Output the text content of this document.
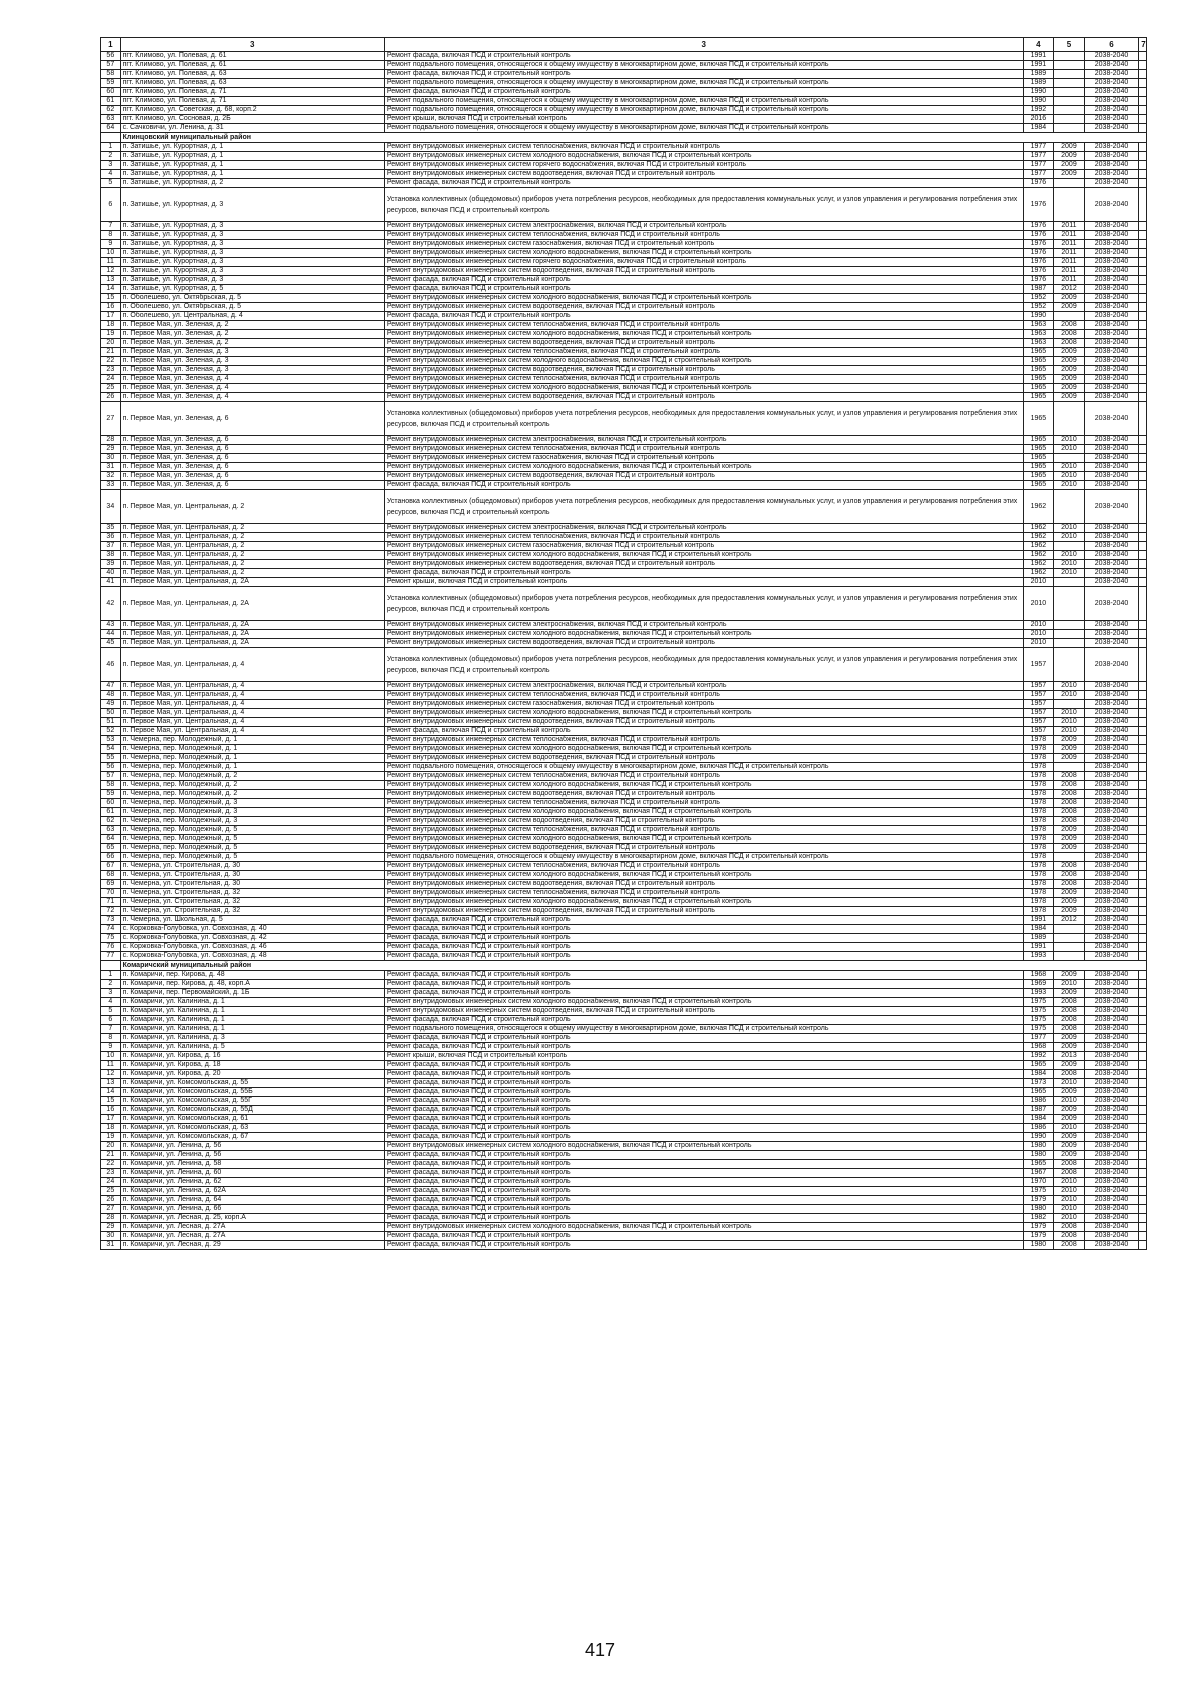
1	3	3	4	5	6	7
56	пгт. Климово, ул. Полевая, д. 61	Ремонт фасада, включая ПСД и строительный контроль	1991		2038-2040	
57	пгт. Климово, ул. Полевая, д. 61	Ремонт подвального помещения, относящегося к общему имуществу в многоквартирном доме, включая ПСД и строительный контроль	1991		2038-2040	
58	пгт. Климово, ул. Полевая, д. 63	Ремонт фасада, включая ПСД и строительный контроль	1989		2038-2040	
59	пгт. Климово, ул. Полевая, д. 63	Ремонт подвального помещения, относящегося к общему имуществу в многоквартирном доме, включая ПСД и строительный контроль	1989		2038-2040	
60	пгт. Климово, ул. Полевая, д. 71	Ремонт фасада, включая ПСД и строительный контроль	1990		2038-2040	
61	пгт. Климово, ул. Полевая, д. 71	Ремонт подвального помещения, относящегося к общему имуществу в многоквартирном доме, включая ПСД и строительный контроль	1990		2038-2040	
62	пгт. Климово, ул. Советская, д. 68, корп.2	Ремонт подвального помещения, относящегося к общему имуществу в многоквартирном доме, включая ПСД и строительный контроль	1992		2038-2040	
63	пгт. Климово, ул. Сосновая, д. 2Б	Ремонт крыши, включая ПСД и строительный контроль	2016		2038-2040	
64	с. Сачковичи, ул. Ленина, д. 31	Ремонт подвального помещения, относящегося к общему имуществу в многоквартирном доме, включая ПСД и строительный контроль	1984		2038-2040	
	Клинцовский муниципальный район					
1	п. Затишье, ул. Курортная, д. 1	Ремонт внутридомовых инженерных систем теплоснабжения, включая ПСД и строительный контроль	1977	2009	2038-2040	
2	п. Затишье, ул. Курортная, д. 1	Ремонт внутридомовых инженерных систем холодного водоснабжения, включая ПСД и строительный контроль	1977	2009	2038-2040	
3	п. Затишье, ул. Курортная, д. 1	Ремонт внутридомовых инженерных систем горячего водоснабжения, включая ПСД и строительный контроль	1977	2009	2038-2040	
4	п. Затишье, ул. Курортная, д. 1	Ремонт внутридомовых инженерных систем водоотведения, включая ПСД и строительный контроль	1977	2009	2038-2040	
5	п. Затишье, ул. Курортная, д. 2	Ремонт фасада, включая ПСД и строительный контроль	1976		2038-2040	
6	п. Затишье, ул. Курортная, д. 3	Установка коллективных (общедомовых) приборов учета потребления ресурсов, необходимых для предоставления коммунальных услуг, и узлов управления и регулирования потребления этих ресурсов, включая ПСД и строительный контроль	1976		2038-2040	
7	п. Затишье, ул. Курортная, д. 3	Ремонт внутридомовых инженерных систем электроснабжения, включая ПСД и строительный контроль	1976	2011	2038-2040	
8	п. Затишье, ул. Курортная, д. 3	Ремонт внутридомовых инженерных систем теплоснабжения, включая ПСД и строительный контроль	1976	2011	2038-2040	
9	п. Затишье, ул. Курортная, д. 3	Ремонт внутридомовых инженерных систем газоснабжения, включая ПСД и строительный контроль	1976	2011	2038-2040	
10	п. Затишье, ул. Курортная, д. 3	Ремонт внутридомовых инженерных систем холодного водоснабжения, включая ПСД и строительный контроль	1976	2011	2038-2040	
11	п. Затишье, ул. Курортная, д. 3	Ремонт внутридомовых инженерных систем горячего водоснабжения, включая ПСД и строительный контроль	1976	2011	2038-2040	
12	п. Затишье, ул. Курортная, д. 3	Ремонт внутридомовых инженерных систем водоотведения, включая ПСД и строительный контроль	1976	2011	2038-2040	
13	п. Затишье, ул. Курортная, д. 3	Ремонт фасада, включая ПСД и строительный контроль	1976	2011	2038-2040	
14	п. Затишье, ул. Курортная, д. 5	Ремонт фасада, включая ПСД и строительный контроль	1987	2012	2038-2040	
15	п. Оболешево, ул. Октябрьская, д. 5	Ремонт внутридомовых инженерных систем холодного водоснабжения, включая ПСД и строительный контроль	1952	2009	2038-2040	
16	п. Оболешево, ул. Октябрьская, д. 5	Ремонт внутридомовых инженерных систем водоотведения, включая ПСД и строительный контроль	1952	2009	2038-2040	
17	п. Оболешево, ул. Центральная, д. 4	Ремонт фасада, включая ПСД и строительный контроль	1990		2038-2040	
18	п. Первое Мая, ул. Зеленая, д. 2	Ремонт внутридомовых инженерных систем теплоснабжения, включая ПСД и строительный контроль	1963	2008	2038-2040	
19	п. Первое Мая, ул. Зеленая, д. 2	Ремонт внутридомовых инженерных систем холодного водоснабжения, включая ПСД и строительный контроль	1963	2008	2038-2040	
20	п. Первое Мая, ул. Зеленая, д. 2	Ремонт внутридомовых инженерных систем водоотведения, включая ПСД и строительный контроль	1963	2008	2038-2040	
21	п. Первое Мая, ул. Зеленая, д. 3	Ремонт внутридомовых инженерных систем теплоснабжения, включая ПСД и строительный контроль	1965	2009	2038-2040	
22	п. Первое Мая, ул. Зеленая, д. 3	Ремонт внутридомовых инженерных систем холодного водоснабжения, включая ПСД и строительный контроль	1965	2009	2038-2040	
23	п. Первое Мая, ул. Зеленая, д. 3	Ремонт внутридомовых инженерных систем водоотведения, включая ПСД и строительный контроль	1965	2009	2038-2040	
24	п. Первое Мая, ул. Зеленая, д. 4	Ремонт внутридомовых инженерных систем теплоснабжения, включая ПСД и строительный контроль	1965	2009	2038-2040	
25	п. Первое Мая, ул. Зеленая, д. 4	Ремонт внутридомовых инженерных систем холодного водоснабжения, включая ПСД и строительный контроль	1965	2009	2038-2040	
26	п. Первое Мая, ул. Зеленая, д. 4	Ремонт внутридомовых инженерных систем водоотведения, включая ПСД и строительный контроль	1965	2009	2038-2040	
27	п. Первое Мая, ул. Зеленая, д. 6	Установка коллективных (общедомовых) приборов учета потребления ресурсов, необходимых для предоставления коммунальных услуг, и узлов управления и регулирования потребления этих ресурсов, включая ПСД и строительный контроль	1965		2038-2040	
28	п. Первое Мая, ул. Зеленая, д. 6	Ремонт внутридомовых инженерных систем электроснабжения, включая ПСД и строительный контроль	1965	2010	2038-2040	
29	п. Первое Мая, ул. Зеленая, д. 6	Ремонт внутридомовых инженерных систем теплоснабжения, включая ПСД и строительный контроль	1965	2010	2038-2040	
30	п. Первое Мая, ул. Зеленая, д. 6	Ремонт внутридомовых инженерных систем газоснабжения, включая ПСД и строительный контроль	1965		2038-2040	
31	п. Первое Мая, ул. Зеленая, д. 6	Ремонт внутридомовых инженерных систем холодного водоснабжения, включая ПСД и строительный контроль	1965	2010	2038-2040	
32	п. Первое Мая, ул. Зеленая, д. 6	Ремонт внутридомовых инженерных систем водоотведения, включая ПСД и строительный контроль	1965	2010	2038-2040	
33	п. Первое Мая, ул. Зеленая, д. 6	Ремонт фасада, включая ПСД и строительный контроль	1965	2010	2038-2040	
34	п. Первое Мая, ул. Центральная, д. 2	Установка коллективных (общедомовых) приборов учета потребления ресурсов, необходимых для предоставления коммунальных услуг, и узлов управления и регулирования потребления этих ресурсов, включая ПСД и строительный контроль	1962		2038-2040	
35	п. Первое Мая, ул. Центральная, д. 2	Ремонт внутридомовых инженерных систем электроснабжения, включая ПСД и строительный контроль	1962	2010	2038-2040	
36	п. Первое Мая, ул. Центральная, д. 2	Ремонт внутридомовых инженерных систем теплоснабжения, включая ПСД и строительный контроль	1962	2010	2038-2040	
37	п. Первое Мая, ул. Центральная, д. 2	Ремонт внутридомовых инженерных систем газоснабжения, включая ПСД и строительный контроль	1962		2038-2040	
38	п. Первое Мая, ул. Центральная, д. 2	Ремонт внутридомовых инженерных систем холодного водоснабжения, включая ПСД и строительный контроль	1962	2010	2038-2040	
39	п. Первое Мая, ул. Центральная, д. 2	Ремонт внутридомовых инженерных систем водоотведения, включая ПСД и строительный контроль	1962	2010	2038-2040	
40	п. Первое Мая, ул. Центральная, д. 2	Ремонт фасада, включая ПСД и строительный контроль	1962	2010	2038-2040	
41	п. Первое Мая, ул. Центральная, д. 2А	Ремонт крыши, включая ПСД и строительный контроль	2010		2038-2040	
42	п. Первое Мая, ул. Центральная, д. 2А	Установка коллективных (общедомовых) приборов учета потребления ресурсов, необходимых для предоставления коммунальных услуг, и узлов управления и регулирования потребления этих ресурсов, включая ПСД и строительный контроль	2010		2038-2040	
43	п. Первое Мая, ул. Центральная, д. 2А	Ремонт внутридомовых инженерных систем электроснабжения, включая ПСД и строительный контроль	2010		2038-2040	
44	п. Первое Мая, ул. Центральная, д. 2А	Ремонт внутридомовых инженерных систем холодного водоснабжения, включая ПСД и строительный контроль	2010		2038-2040	
45	п. Первое Мая, ул. Центральная, д. 2А	Ремонт внутридомовых инженерных систем водоотведения, включая ПСД и строительный контроль	2010		2038-2040	
46	п. Первое Мая, ул. Центральная, д. 4	Установка коллективных (общедомовых) приборов учета потребления ресурсов, необходимых для предоставления коммунальных услуг, и узлов управления и регулирования потребления этих ресурсов, включая ПСД и строительный контроль	1957		2038-2040	
47	п. Первое Мая, ул. Центральная, д. 4	Ремонт внутридомовых инженерных систем электроснабжения, включая ПСД и строительный контроль	1957	2010	2038-2040	
48	п. Первое Мая, ул. Центральная, д. 4	Ремонт внутридомовых инженерных систем теплоснабжения, включая ПСД и строительный контроль	1957	2010	2038-2040	
49	п. Первое Мая, ул. Центральная, д. 4	Ремонт внутридомовых инженерных систем газоснабжения, включая ПСД и строительный контроль	1957		2038-2040	
50	п. Первое Мая, ул. Центральная, д. 4	Ремонт внутридомовых инженерных систем холодного водоснабжения, включая ПСД и строительный контроль	1957	2010	2038-2040	
51	п. Первое Мая, ул. Центральная, д. 4	Ремонт внутридомовых инженерных систем водоотведения, включая ПСД и строительный контроль	1957	2010	2038-2040	
52	п. Первое Мая, ул. Центральная, д. 4	Ремонт фасада, включая ПСД и строительный контроль	1957	2010	2038-2040	
53	п. Чемерна, пер. Молодежный, д. 1	Ремонт внутридомовых инженерных систем теплоснабжения, включая ПСД и строительный контроль	1978	2009	2038-2040	
54	п. Чемерна, пер. Молодежный, д. 1	Ремонт внутридомовых инженерных систем холодного водоснабжения, включая ПСД и строительный контроль	1978	2009	2038-2040	
55	п. Чемерна, пер. Молодежный, д. 1	Ремонт внутридомовых инженерных систем водоотведения, включая ПСД и строительный контроль	1978	2009	2038-2040	
56	п. Чемерна, пер. Молодежный, д. 1	Ремонт подвального помещения, относящегося к общему имуществу в многоквартирном доме, включая ПСД и строительный контроль	1978		2038-2040	
57	п. Чемерна, пер. Молодежный, д. 2	Ремонт внутридомовых инженерных систем теплоснабжения, включая ПСД и строительный контроль	1978	2008	2038-2040	
58	п. Чемерна, пер. Молодежный, д. 2	Ремонт внутридомовых инженерных систем холодного водоснабжения, включая ПСД и строительный контроль	1978	2008	2038-2040	
59	п. Чемерна, пер. Молодежный, д. 2	Ремонт внутридомовых инженерных систем водоотведения, включая ПСД и строительный контроль	1978	2008	2038-2040	
60	п. Чемерна, пер. Молодежный, д. 3	Ремонт внутридомовых инженерных систем теплоснабжения, включая ПСД и строительный контроль	1978	2008	2038-2040	
61	п. Чемерна, пер. Молодежный, д. 3	Ремонт внутридомовых инженерных систем холодного водоснабжения, включая ПСД и строительный контроль	1978	2008	2038-2040	
62	п. Чемерна, пер. Молодежный, д. 3	Ремонт внутридомовых инженерных систем водоотведения, включая ПСД и строительный контроль	1978	2008	2038-2040	
63	п. Чемерна, пер. Молодежный, д. 5	Ремонт внутридомовых инженерных систем теплоснабжения, включая ПСД и строительный контроль	1978	2009	2038-2040	
64	п. Чемерна, пер. Молодежный, д. 5	Ремонт внутридомовых инженерных систем холодного водоснабжения, включая ПСД и строительный контроль	1978	2009	2038-2040	
65	п. Чемерна, пер. Молодежный, д. 5	Ремонт внутридомовых инженерных систем водоотведения, включая ПСД и строительный контроль	1978	2009	2038-2040	
66	п. Чемерна, пер. Молодежный, д. 5	Ремонт подвального помещения, относящегося к общему имуществу в многоквартирном доме, включая ПСД и строительный контроль	1978		2038-2040	
67	п. Чемерна, ул. Строительная, д. 30	Ремонт внутридомовых инженерных систем теплоснабжения, включая ПСД и строительный контроль	1978	2008	2038-2040	
68	п. Чемерна, ул. Строительная, д. 30	Ремонт внутридомовых инженерных систем холодного водоснабжения, включая ПСД и строительный контроль	1978	2008	2038-2040	
69	п. Чемерна, ул. Строительная, д. 30	Ремонт внутридомовых инженерных систем водоотведения, включая ПСД и строительный контроль	1978	2008	2038-2040	
70	п. Чемерна, ул. Строительная, д. 32	Ремонт внутридомовых инженерных систем теплоснабжения, включая ПСД и строительный контроль	1978	2009	2038-2040	
71	п. Чемерна, ул. Строительная, д. 32	Ремонт внутридомовых инженерных систем холодного водоснабжения, включая ПСД и строительный контроль	1978	2009	2038-2040	
72	п. Чемерна, ул. Строительная, д. 32	Ремонт внутридомовых инженерных систем водоотведения, включая ПСД и строительный контроль	1978	2009	2038-2040	
73	п. Чемерна, ул. Школьная, д. 5	Ремонт фасада, включая ПСД и строительный контроль	1991	2012	2038-2040	
74	с. Коржовка-Голубовка, ул. Совхозная, д. 40	Ремонт фасада, включая ПСД и строительный контроль	1984		2038-2040	
75	с. Коржовка-Голубовка, ул. Совхозная, д. 42	Ремонт фасада, включая ПСД и строительный контроль	1989		2038-2040	
76	с. Коржовка-Голубовка, ул. Совхозная, д. 46	Ремонт фасада, включая ПСД и строительный контроль	1991		2038-2040	
77	с. Коржовка-Голубовка, ул. Совхозная, д. 48	Ремонт фасада, включая ПСД и строительный контроль	1993		2038-2040	
	Комаричский муниципальный район					
1	п. Комаричи, пер. Кирова, д. 48	Ремонт фасада, включая ПСД и строительный контроль	1968	2009	2038-2040	
2	п. Комаричи, пер. Кирова, д. 48, корп.А	Ремонт фасада, включая ПСД и строительный контроль	1969	2010	2038-2040	
3	п. Комаричи, пер. Первомайский, д. 1Б	Ремонт фасада, включая ПСД и строительный контроль	1993	2009	2038-2040	
4	п. Комаричи, ул. Калинина, д. 1	Ремонт внутридомовых инженерных систем холодного водоснабжения, включая ПСД и строительный контроль	1975	2008	2038-2040	
5	п. Комаричи, ул. Калинина, д. 1	Ремонт внутридомовых инженерных систем водоотведения, включая ПСД и строительный контроль	1975	2008	2038-2040	
6	п. Комаричи, ул. Калинина, д. 1	Ремонт фасада, включая ПСД и строительный контроль	1975	2008	2038-2040	
7	п. Комаричи, ул. Калинина, д. 1	Ремонт подвального помещения, относящегося к общему имуществу в многоквартирном доме, включая ПСД и строительный контроль	1975	2008	2038-2040	
8	п. Комаричи, ул. Калинина, д. 3	Ремонт фасада, включая ПСД и строительный контроль	1977	2009	2038-2040	
9	п. Комаричи, ул. Калинина, д. 5	Ремонт фасада, включая ПСД и строительный контроль	1968	2009	2038-2040	
10	п. Комаричи, ул. Кирова, д. 16	Ремонт крыши, включая ПСД и строительный контроль	1992	2013	2038-2040	
11	п. Комаричи, ул. Кирова, д. 18	Ремонт фасада, включая ПСД и строительный контроль	1965	2009	2038-2040	
12	п. Комаричи, ул. Кирова, д. 20	Ремонт фасада, включая ПСД и строительный контроль	1984	2008	2038-2040	
13	п. Комаричи, ул. Комсомольская, д. 55	Ремонт фасада, включая ПСД и строительный контроль	1973	2010	2038-2040	
14	п. Комаричи, ул. Комсомольская, д. 55Б	Ремонт фасада, включая ПСД и строительный контроль	1965	2009	2038-2040	
15	п. Комаричи, ул. Комсомольская, д. 55Г	Ремонт фасада, включая ПСД и строительный контроль	1986	2010	2038-2040	
16	п. Комаричи, ул. Комсомольская, д. 55Д	Ремонт фасада, включая ПСД и строительный контроль	1987	2009	2038-2040	
17	п. Комаричи, ул. Комсомольская, д. 61	Ремонт фасада, включая ПСД и строительный контроль	1984	2009	2038-2040	
18	п. Комаричи, ул. Комсомольская, д. 63	Ремонт фасада, включая ПСД и строительный контроль	1986	2010	2038-2040	
19	п. Комаричи, ул. Комсомольская, д. 67	Ремонт фасада, включая ПСД и строительный контроль	1990	2009	2038-2040	
20	п. Комаричи, ул. Ленина, д. 56	Ремонт внутридомовых инженерных систем холодного водоснабжения, включая ПСД и строительный контроль	1980	2009	2038-2040	
21	п. Комаричи, ул. Ленина, д. 56	Ремонт фасада, включая ПСД и строительный контроль	1980	2009	2038-2040	
22	п. Комаричи, ул. Ленина, д. 58	Ремонт фасада, включая ПСД и строительный контроль	1965	2008	2038-2040	
23	п. Комаричи, ул. Ленина, д. 60	Ремонт фасада, включая ПСД и строительный контроль	1967	2008	2038-2040	
24	п. Комаричи, ул. Ленина, д. 62	Ремонт фасада, включая ПСД и строительный контроль	1970	2010	2038-2040	
25	п. Комаричи, ул. Ленина, д. 62А	Ремонт фасада, включая ПСД и строительный контроль	1975	2010	2038-2040	
26	п. Комаричи, ул. Ленина, д. 64	Ремонт фасада, включая ПСД и строительный контроль	1979	2010	2038-2040	
27	п. Комаричи, ул. Ленина, д. 66	Ремонт фасада, включая ПСД и строительный контроль	1980	2010	2038-2040	
28	п. Комаричи, ул. Лесная, д. 25, корп.А	Ремонт фасада, включая ПСД и строительный контроль	1982	2010	2038-2040	
29	п. Комаричи, ул. Лесная, д. 27А	Ремонт внутридомовых инженерных систем холодного водоснабжения, включая ПСД и строительный контроль	1979	2008	2038-2040	
30	п. Комаричи, ул. Лесная, д. 27А	Ремонт фасада, включая ПСД и строительный контроль	1979	2008	2038-2040	
31	п. Комаричи, ул. Лесная, д. 29	Ремонт фасада, включая ПСД и строительный контроль	1980	2008	2038-2040	
417
